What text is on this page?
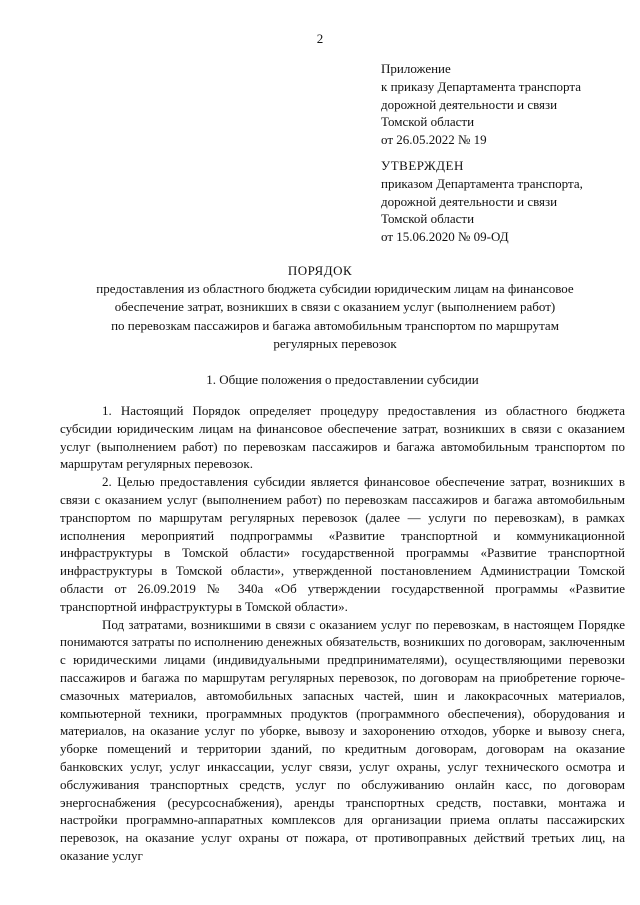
2
Приложение
к приказу Департамента транспорта
дорожной деятельности и связи
Томской области
от 26.05.2022 № 19
УТВЕРЖДЕН
приказом Департамента транспорта,
дорожной деятельности и связи
Томской области
от 15.06.2020 № 09-ОД
ПОРЯДОК
предоставления из областного бюджета субсидии юридическим лицам на финансовое
обеспечение затрат, возникших в связи с оказанием услуг (выполнением работ)
по перевозкам пассажиров и багажа автомобильным транспортом по маршрутам
регулярных перевозок
1. Общие положения о предоставлении субсидии

1. Настоящий Порядок определяет процедуру предоставления из областного бюджета субсидии юридическим лицам на финансовое обеспечение затрат, возникших в связи с оказанием услуг (выполнением работ) по перевозкам пассажиров и багажа автомобильным транспортом по маршрутам регулярных перевозок.

2. Целью предоставления субсидии является финансовое обеспечение затрат, возникших в связи с оказанием услуг (выполнением работ) по перевозкам пассажиров и багажа автомобильным транспортом по маршрутам регулярных перевозок (далее — услуги по перевозкам), в рамках исполнения мероприятий подпрограммы «Развитие транспортной и коммуникационной инфраструктуры в Томской области» государственной программы «Развитие транспортной инфраструктуры в Томской области», утвержденной постановлением Администрации Томской области от 26.09.2019 № 340а «Об утверждении государственной программы «Развитие транспортной инфраструктуры в Томской области».

Под затратами, возникшими в связи с оказанием услуг по перевозкам, в настоящем Порядке понимаются затраты по исполнению денежных обязательств, возникших по договорам, заключенным с юридическими лицами (индивидуальными предпринимателями), осуществляющими перевозки пассажиров и багажа по маршрутам регулярных перевозок, по договорам на приобретение горюче-смазочных материалов, автомобильных запасных частей, шин и лакокрасочных материалов, компьютерной техники, программных продуктов (программного обеспечения), оборудования и материалов, на оказание услуг по уборке, вывозу и захоронению отходов, уборке и вывозу снега, уборке помещений и территории зданий, по кредитным договорам, договорам на оказание банковских услуг, услуг инкассации, услуг связи, услуг охраны, услуг технического осмотра и обслуживания транспортных средств, услуг по обслуживанию онлайн касс, по договорам энергоснабжения (ресурсоснабжения), аренды транспортных средств, поставки, монтажа и настройки программно-аппаратных комплексов для организации приема оплаты пассажирских перевозок, на оказание услуг охраны от пожара, от противоправных действий третьих лиц, на оказание услуг
